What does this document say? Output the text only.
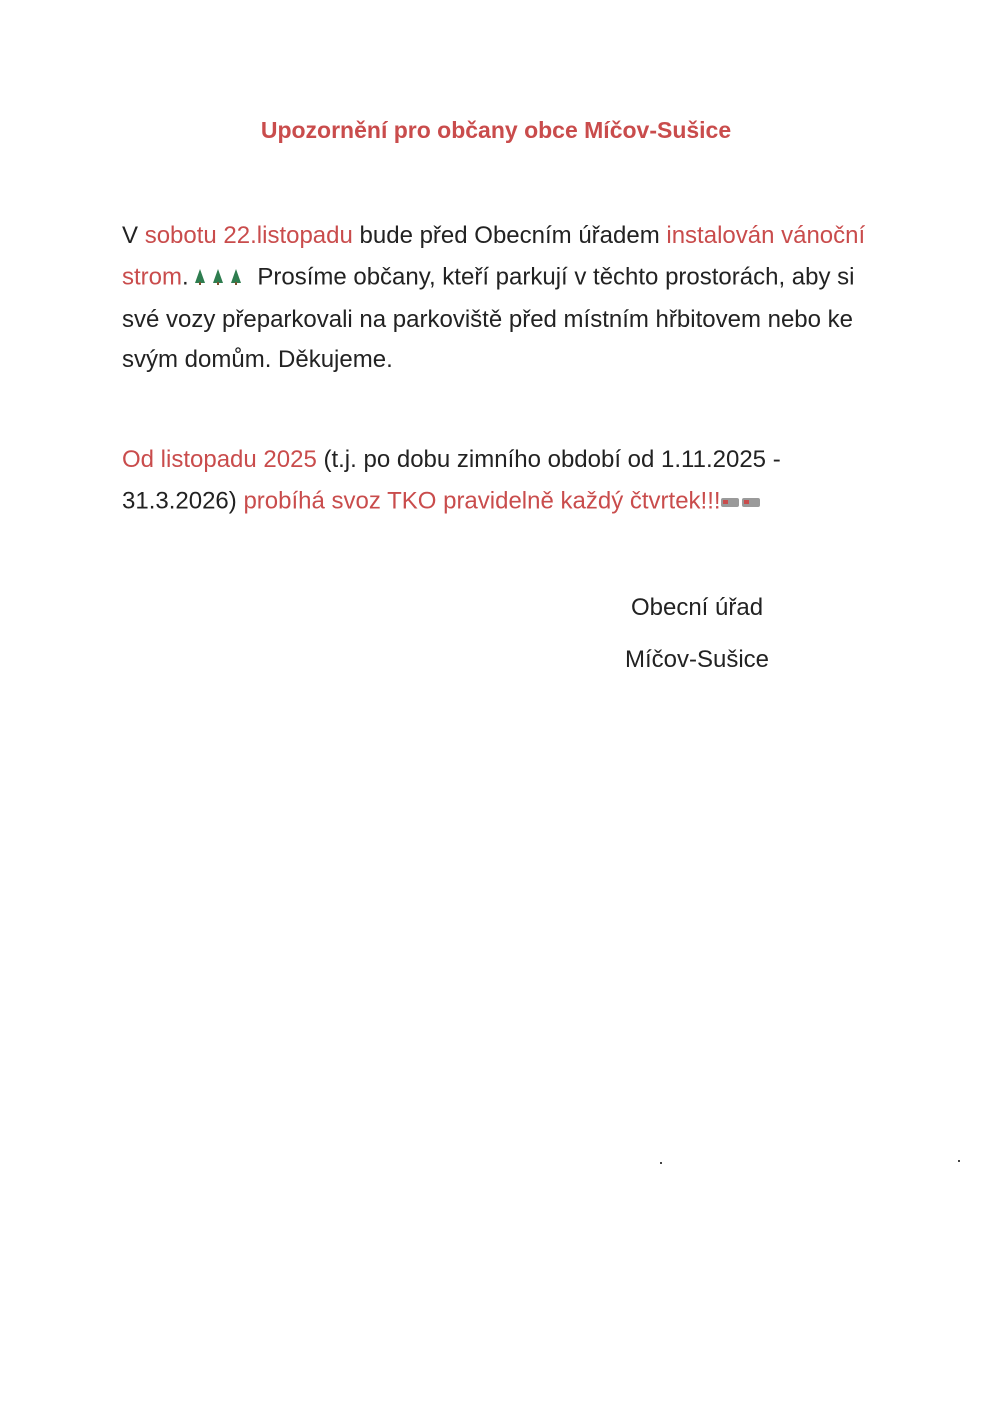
Upozornění pro občany obce Míčov-Sušice

V sobotu 22.listopadu bude před Obecním úřadem instalován vánoční strom.	Prosíme občany, kteří parkují v těchto prostorách, aby si své vozy přeparkovali na parkoviště před místním hřbitovem nebo ke svým domům. Děkujeme.

Od listopadu 2025 (t.j. po dobu zimního období od 1.11.2025 - 31.3.2026) probíhá svoz TKO pravidelně každý čtvrtek!!!

Obecní úřad

Míčov-Sušice
